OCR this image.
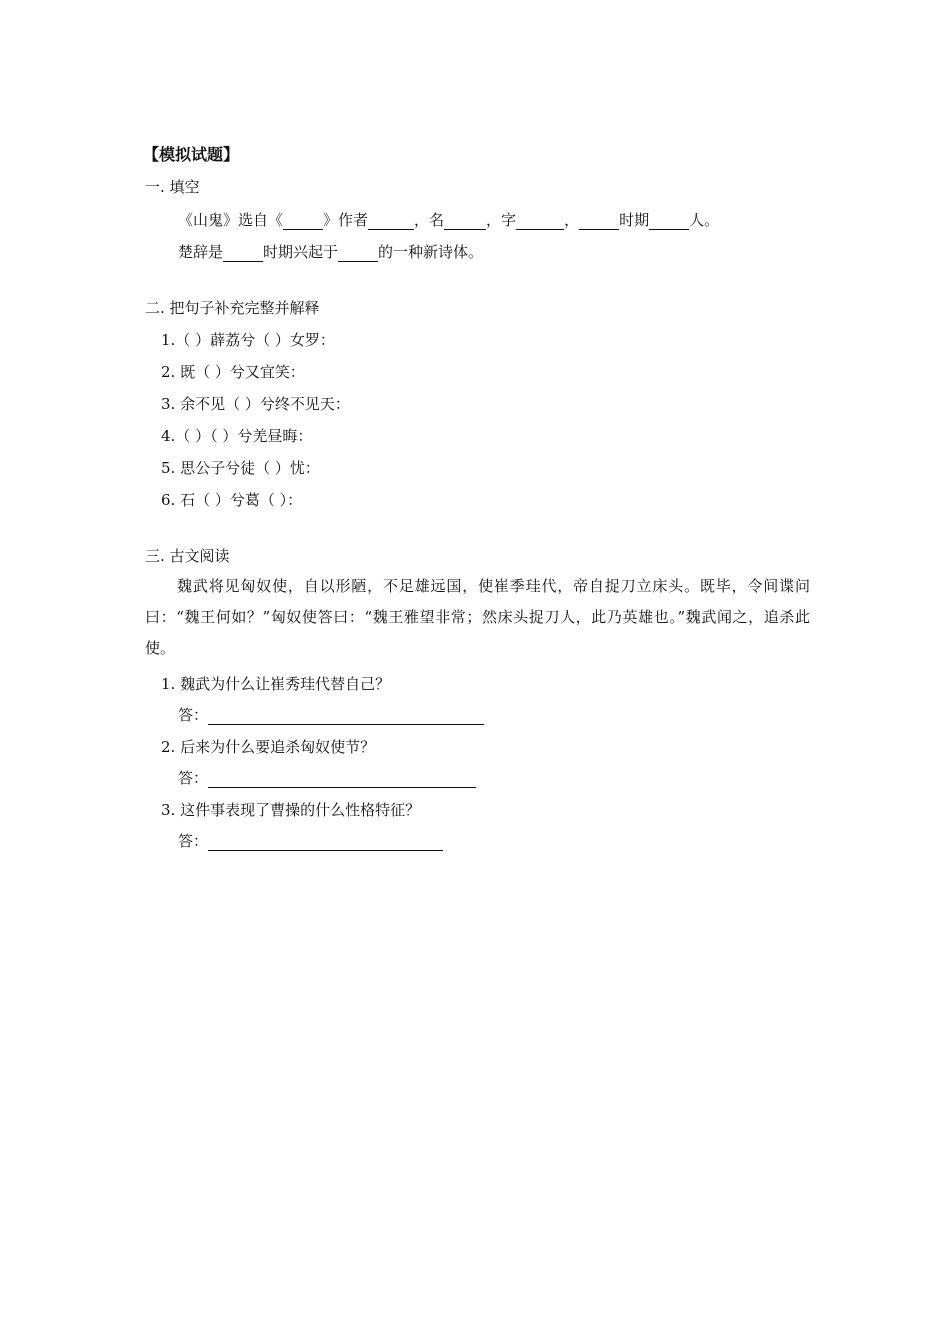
【模拟试题】
一. 填空
《山鬼》选自《	》作者	，名	，字	，	时期	人。
楚辞是	时期兴起于	的一种新诗体。
二. 把句子补充完整并解释
1.（ ）薜荔兮（ ）女罗：
2. 既（ ）兮又宜笑：
3. 余不见（ ）兮终不见天：
4.（ ）（ ）兮羌昼晦：
5. 思公子兮徒（ ）忧：
6. 石（ ）兮葛（ ）：
三. 古文阅读
魏武将见匈奴使，自以形陋，不足雄远国，使崔季珪代，帝自捉刀立床头。既毕，令间谍问曰：“魏王何如？”匈奴使答曰：“魏王雅望非常；然床头捉刀人，此乃英雄也。”魏武闻之，追杀此使。
1. 魏武为什么让崔秀珪代替自己？
答：
2. 后来为什么要追杀匈奴使节？
答：
3. 这件事表现了曹操的什么性格特征？
答：
